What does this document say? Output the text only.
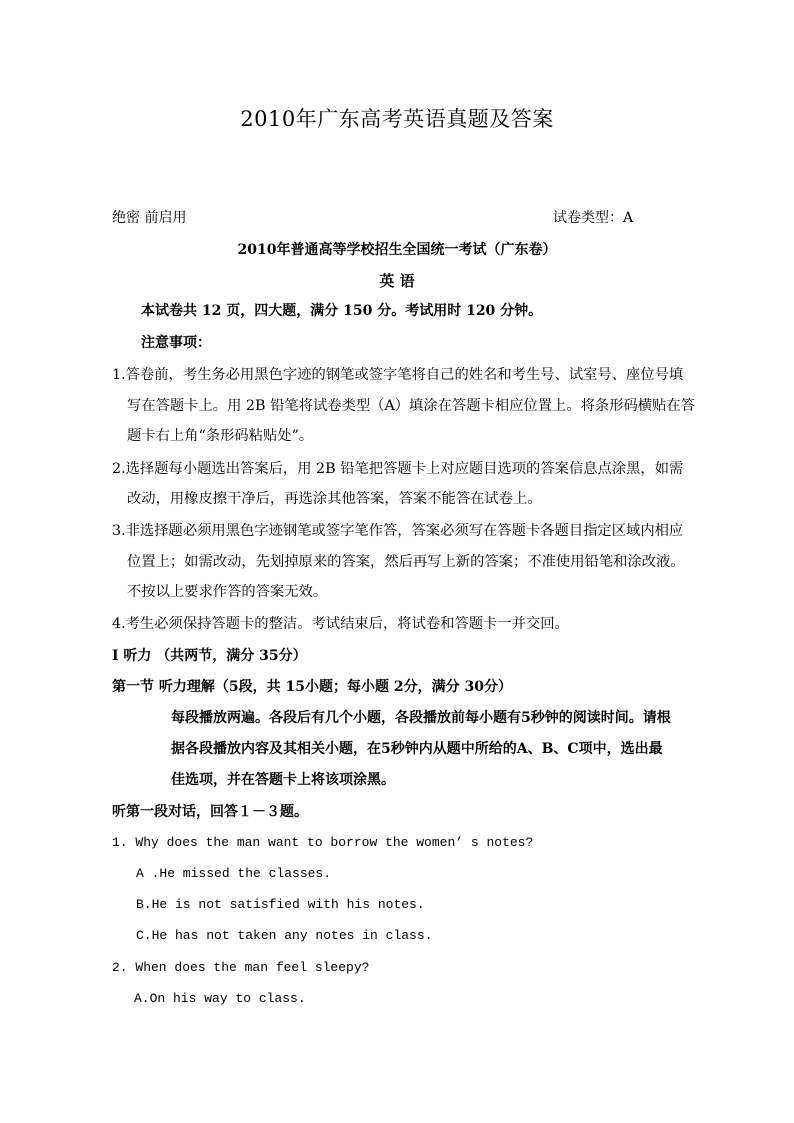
2010年广东高考英语真题及答案
绝密 前启用	试卷类型：A
2010年普通高等学校招生全国统一考试（广东卷）
英 语
本试卷共 12 页，四大题，满分 150 分。考试用时 120 分钟。
注意事项：
1.答卷前，考生务必用黑色字迹的钢笔或签字笔将自己的姓名和考生号、试室号、座位号填
写在答题卡上。用 2B 铅笔将试卷类型（A）填涂在答题卡相应位置上。将条形码横贴在答
题卡右上角“条形码粘贴处”。
2.选择题每小题选出答案后，用 2B 铅笔把答题卡上对应题目选项的答案信息点涂黑，如需
改动，用橡皮擦干净后，再选涂其他答案，答案不能答在试卷上。
3.非选择题必须用黑色字迹钢笔或签字笔作答，答案必须写在答题卡各题目指定区域内相应
位置上；如需改动，先划掉原来的答案，然后再写上新的答案；不准使用铅笔和涂改液。
不按以上要求作答的答案无效。
4.考生必须保持答题卡的整洁。考试结束后，将试卷和答题卡一并交回。
I 听力 （共两节，满分 35分）
第一节 听力理解（5段，共 15小题；每小题 2分，满分 30分）
每段播放两遍。各段后有几个小题，各段播放前每小题有5秒钟的阅读时间。请根
据各段播放内容及其相关小题，在5秒钟内从题中所给的A、B、C项中，选出最
佳选项，并在答题卡上将该项涂黑。
听第一段对话，回答１－３题。
1. Why does the man want to borrow the women’ s notes?
A .He missed the classes.
B.He is not satisfied with his notes.
C.He has not taken any notes in class.
2. When does the man feel sleepy?
A.On his way to class.
